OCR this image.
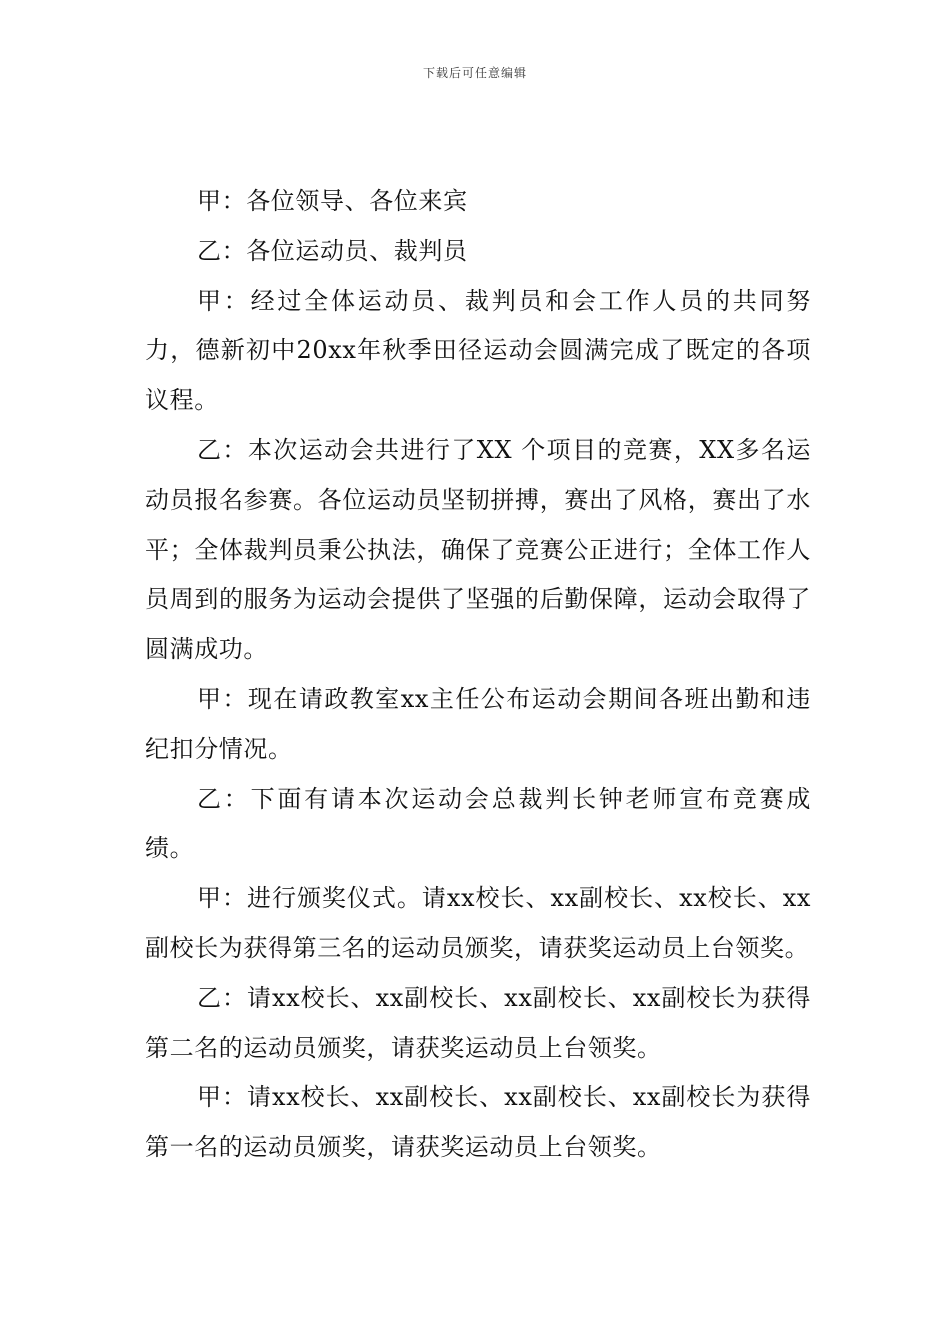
下载后可任意编辑

甲：各位领导、各位来宾

乙：各位运动员、裁判员

甲：经过全体运动员、裁判员和会工作人员的共同努力，德新初中20xx年秋季田径运动会圆满完成了既定的各项议程。

乙：本次运动会共进行了XX 个项目的竞赛，XX多名运动员报名参赛。各位运动员坚韧拼搏，赛出了风格，赛出了水平；全体裁判员秉公执法，确保了竞赛公正进行；全体工作人员周到的服务为运动会提供了坚强的后勤保障，运动会取得了圆满成功。

甲：现在请政教室xx主任公布运动会期间各班出勤和违纪扣分情况。

乙：下面有请本次运动会总裁判长钟老师宣布竞赛成绩。

甲：进行颁奖仪式。请xx校长、xx副校长、xx校长、xx副校长为获得第三名的运动员颁奖，请获奖运动员上台领奖。

乙：请xx校长、xx副校长、xx副校长、xx副校长为获得第二名的运动员颁奖，请获奖运动员上台领奖。

甲：请xx校长、xx副校长、xx副校长、xx副校长为获得第一名的运动员颁奖，请获奖运动员上台领奖。
